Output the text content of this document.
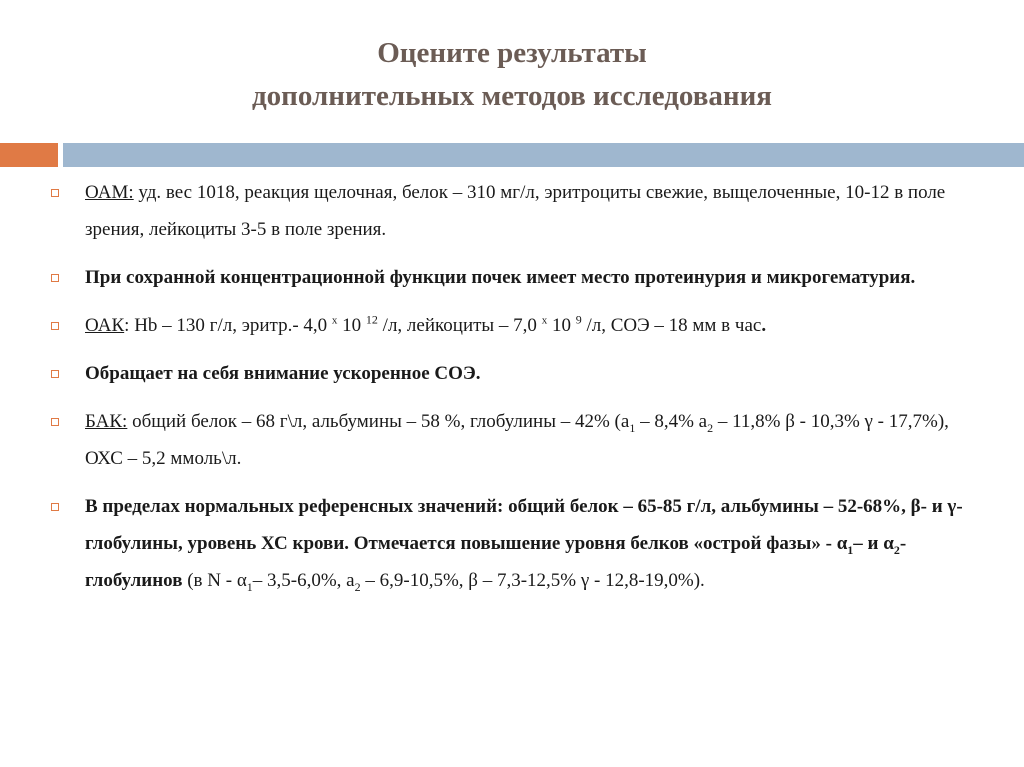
Оцените результаты
дополнительных методов исследования
ОАМ: уд. вес 1018, реакция щелочная, белок – 310 мг/л, эритроциты свежие, выщелоченные, 10-12 в поле зрения, лейкоциты 3-5 в поле зрения.
При сохранной концентрационной функции почек имеет место протеинурия и микрогематурия.
ОАК: Hb – 130 г/л, эритр.- 4,0 $^х$ 10 $^{12}$ /л, лейкоциты – 7,0 $^х$ 10 $^9$ /л, СОЭ – 18 мм в час.
Обращает на себя внимание ускоренное СОЭ.
БАК: общий белок – 68 г\л, альбумины – 58 %, глобулины – 42% ($а_1 - 8,4\%$ $а_2 - 11,8\%$ β - 10,3% γ - 17,7%), ОХС – 5,2 ммоль\л.
В пределах нормальных референсных значений: общий белок – 65-85 г/л, альбумины – 52-68%, β- и γ-глобулины, уровень ХС крови. Отмечается повышение уровня белков «острой фазы» - $\alpha_1-$ и $\alpha_2$-глобулинов (в N - $\alpha_1-$ 3,5-6,0%, $а_2 - 6,9-10,5\%$, β – 7,3-12,5% γ - 12,8-19,0%).
